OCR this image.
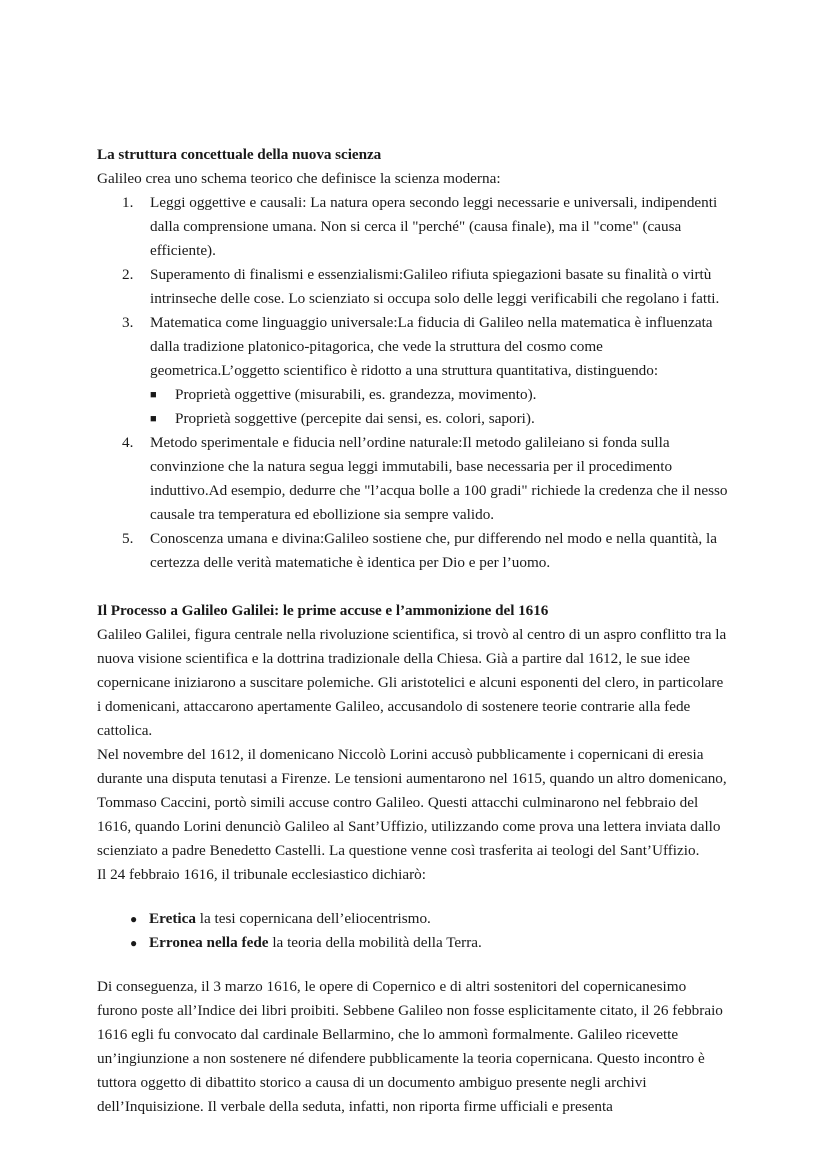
La struttura concettuale della nuova scienza

Galileo crea uno schema teorico che definisce la scienza moderna:

Leggi oggettive e causali: La natura opera secondo leggi necessarie e universali, indipendenti dalla comprensione umana. Non si cerca il "perché" (causa finale), ma il "come" (causa efficiente).
Superamento di finalismi e essenzialismi:Galileo rifiuta spiegazioni basate su finalità o virtù intrinseche delle cose. Lo scienziato si occupa solo delle leggi verificabili che regolano i fatti.
Matematica come linguaggio universale:La fiducia di Galileo nella matematica è influenzata dalla tradizione platonico-pitagorica, che vede la struttura del cosmo come geometrica.L’oggetto scientifico è ridotto a una struttura quantitativa, distinguendo:
■ Proprietà oggettive (misurabili, es. grandezza, movimento).
■ Proprietà soggettive (percepite dai sensi, es. colori, sapori).
Metodo sperimentale e fiducia nell’ordine naturale:Il metodo galileiano si fonda sulla convinzione che la natura segua leggi immutabili, base necessaria per il procedimento induttivo.Ad esempio, dedurre che "l’acqua bolle a 100 gradi" richiede la credenza che il nesso causale tra temperatura ed ebollizione sia sempre valido.
Conoscenza umana e divina:Galileo sostiene che, pur differendo nel modo e nella quantità, la certezza delle verità matematiche è identica per Dio e per l’uomo.
Il Processo a Galileo Galilei: le prime accuse e l’ammonizione del 1616

Galileo Galilei, figura centrale nella rivoluzione scientifica, si trovò al centro di un aspro conflitto tra la nuova visione scientifica e la dottrina tradizionale della Chiesa. Già a partire dal 1612, le sue idee copernicane iniziarono a suscitare polemiche. Gli aristotelici e alcuni esponenti del clero, in particolare i domenicani, attaccarono apertamente Galileo, accusandolo di sostenere teorie contrarie alla fede cattolica.

Nel novembre del 1612, il domenicano Niccolò Lorini accusò pubblicamente i copernicani di eresia durante una disputa tenutasi a Firenze. Le tensioni aumentarono nel 1615, quando un altro domenicano, Tommaso Caccini, portò simili accuse contro Galileo. Questi attacchi culminarono nel febbraio del 1616, quando Lorini denunciò Galileo al Sant’Uffizio, utilizzando come prova una lettera inviata dallo scienziato a padre Benedetto Castelli. La questione venne così trasferita ai teologi del Sant’Uffizio.

Il 24 febbraio 1616, il tribunale ecclesiastico dichiarò:

● Eretica la tesi copernicana dell’eliocentrismo.
● Erronea nella fede la teoria della mobilità della Terra.

Di conseguenza, il 3 marzo 1616, le opere di Copernico e di altri sostenitori del copernicanesimo furono poste all’Indice dei libri proibiti. Sebbene Galileo non fosse esplicitamente citato, il 26 febbraio 1616 egli fu convocato dal cardinale Bellarmino, che lo ammonì formalmente. Galileo ricevette un’ingiunzione a non sostenere né difendere pubblicamente la teoria copernicana. Questo incontro è tuttora oggetto di dibattito storico a causa di un documento ambiguo presente negli archivi dell’Inquisizione. Il verbale della seduta, infatti, non riporta firme ufficiali e presenta
